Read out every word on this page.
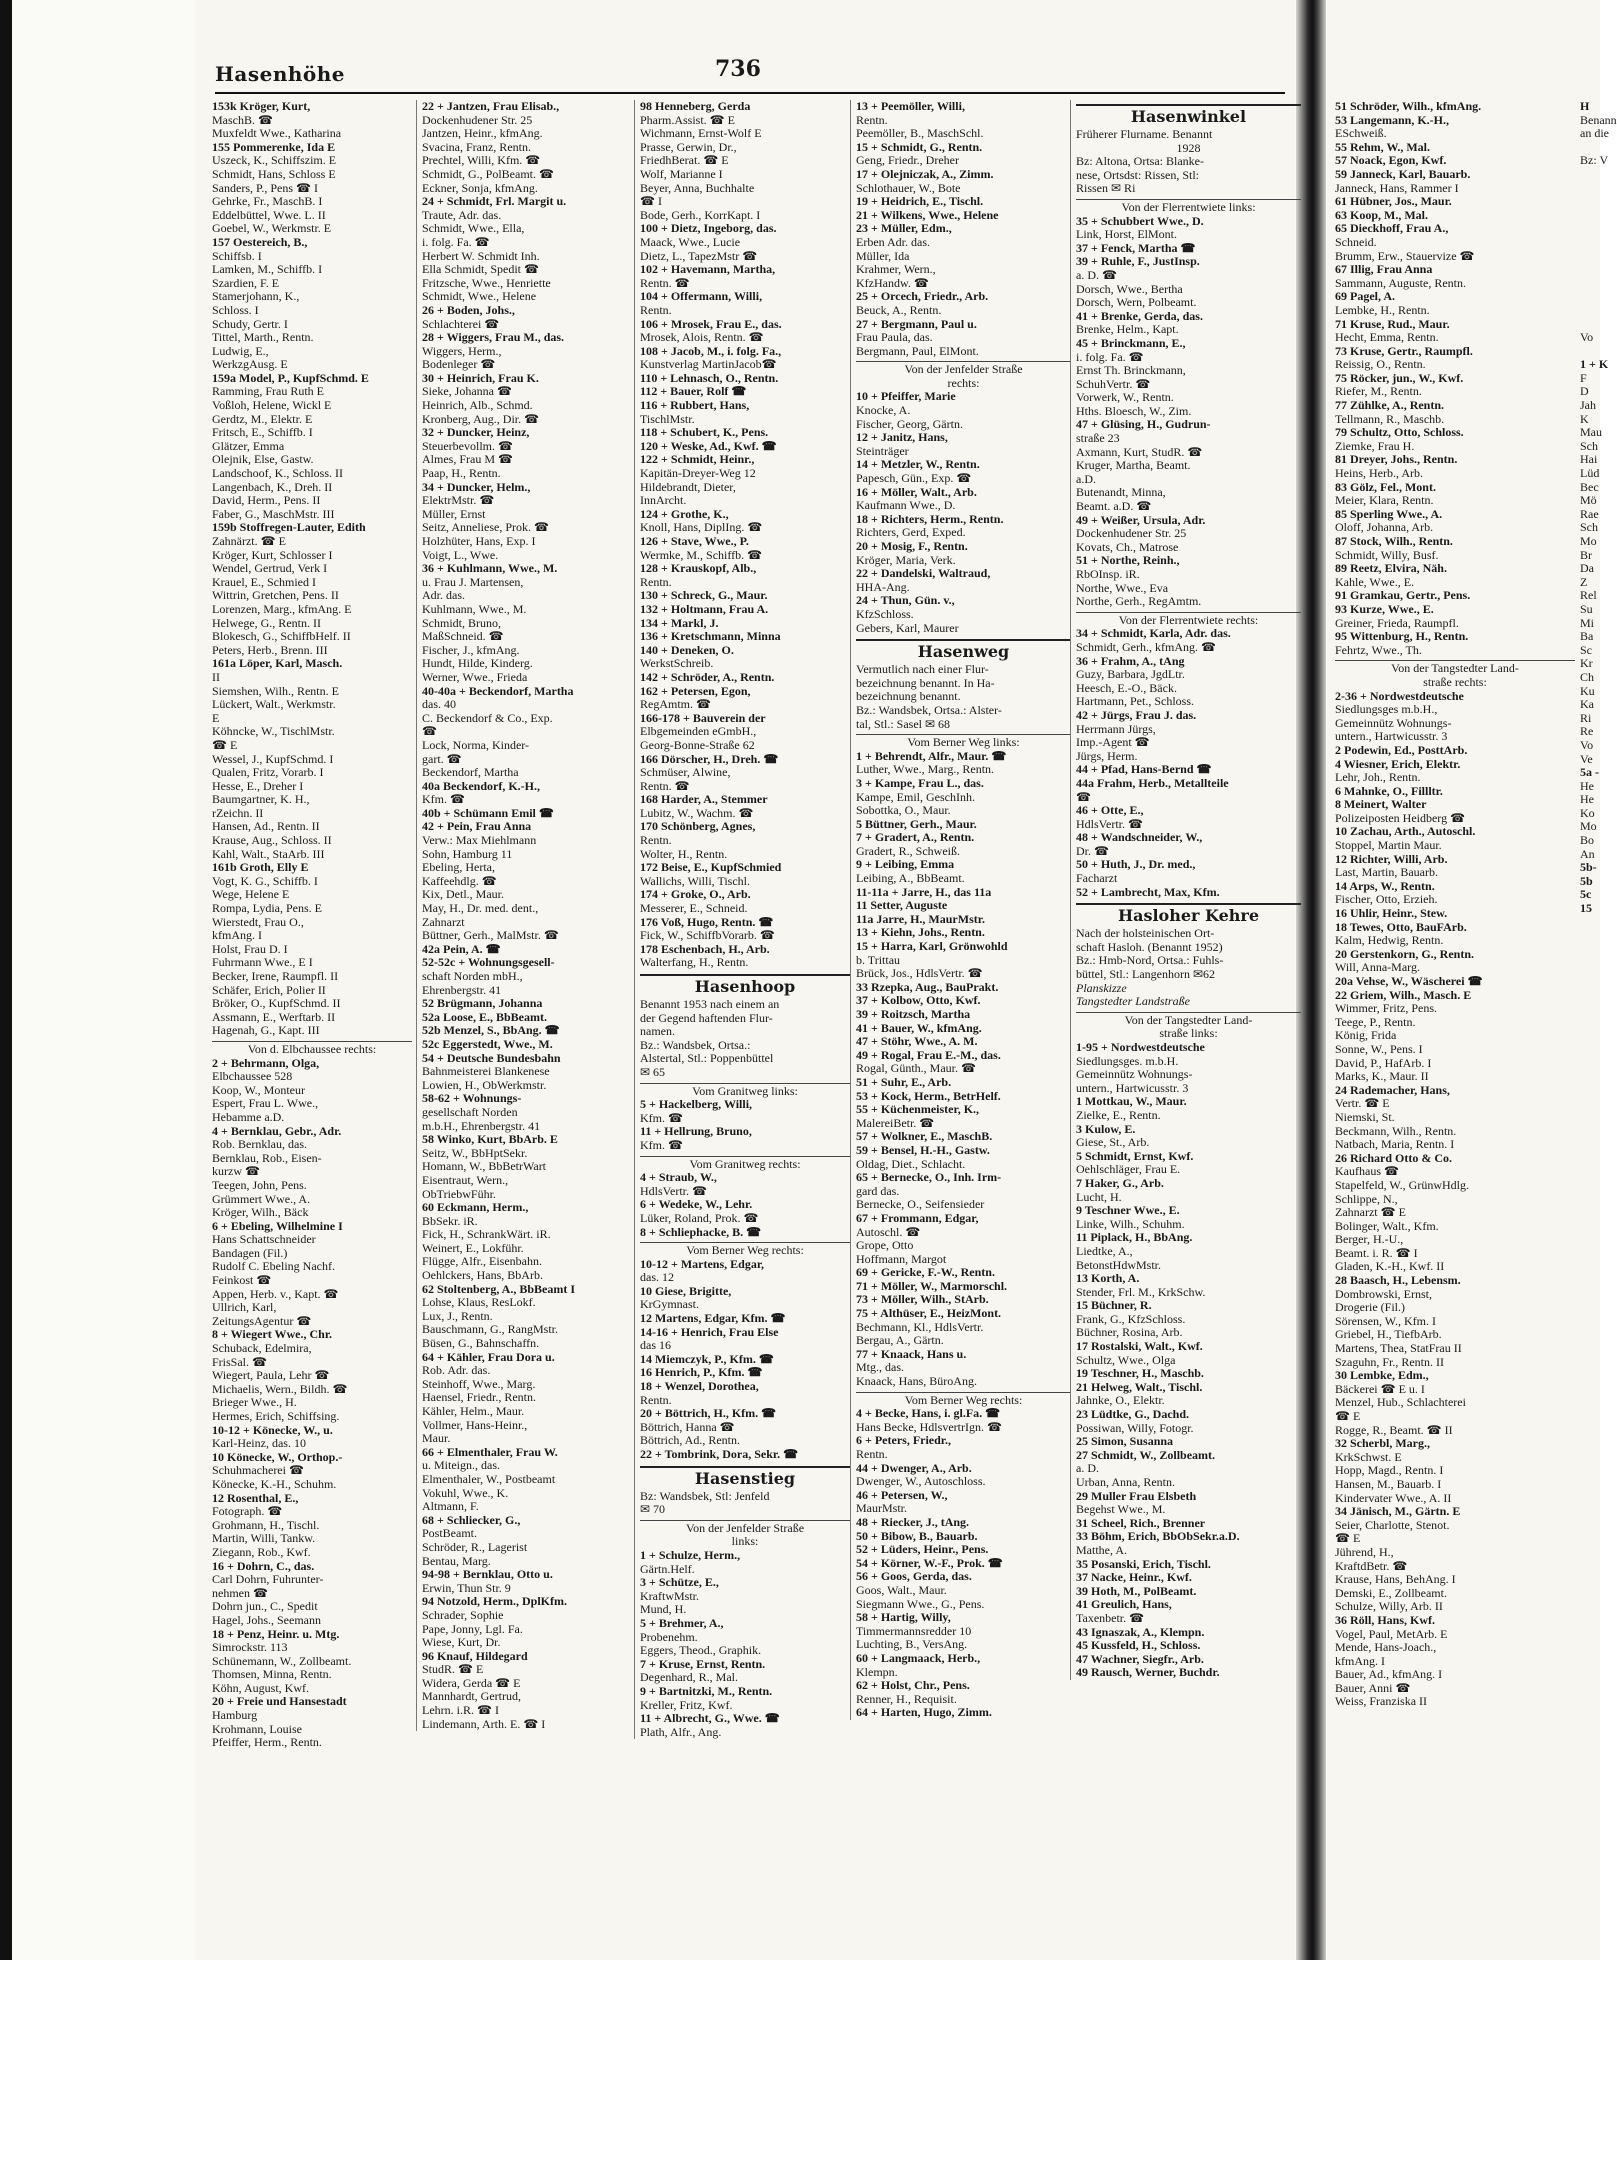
Hasenhöhe	736
153k Kröger, Kurt,
MaschB. ☎
Muxfeldt Wwe., Katharina
155 Pommerenke, Ida E
Uszeck, K., Schiffszim. E
Schmidt, Hans, Schloss E
Sanders, P., Pens ☎ I
Gehrke, Fr., MaschB. I
Eddelbüttel, Wwe. L. II
Goebel, W., Werkmstr. E
157 Oestereich, B.,
Schiffsb. I
Lamken, M., Schiffb. I
Szardien, F. E
Stamerjohann, K.,
Schloss. I
Schudy, Gertr. I
Tittel, Marth., Rentn.
Ludwig, E.,
WerkzgAusg. E
159a Model, P., KupfSchmd. E
Ramming, Frau Ruth E
Voßloh, Helene, Wickl E
Gerdtz, M., Elektr. E
Fritsch, E., Schiffb. I
Glätzer, Emma
Olejnik, Else, Gastw.
Landschoof, K., Schloss. II
Langenbach, K., Dreh. II
David, Herm., Pens. II
Faber, G., MaschMstr. III
159b Stoffregen-Lauter, Edith
Zahnärzt. ☎ E
Kröger, Kurt, Schlosser I
Wendel, Gertrud, Verk I
Krauel, E., Schmied I
Wittrin, Gretchen, Pens. II
Lorenzen, Marg., kfmAng. E
Helwege, G., Rentn. II
Blokesch, G., SchiffbHelf. II
Peters, Herb., Brenn. III
161a Löper, Karl, Masch.
II
Siemshen, Wilh., Rentn. E
Lückert, Walt., Werkmstr.
E
Köhncke, W., TischlMstr.
☎ E
Wessel, J., KupfSchmd. I
Qualen, Fritz, Vorarb. I
Hesse, E., Dreher I
Baumgartner, K. H.,
rZeichn. II
Hansen, Ad., Rentn. II
Krause, Aug., Schloss. II
Kahl, Walt., StaArb. III
161b Groth, Elly E
Vogt, K. G., Schiffb. I
Wege, Helene E
Rompa, Lydia, Pens. E
Wierstedt, Frau O.,
kfmAng. I
Holst, Frau D. I
Fuhrmann Wwe., E I
Becker, Irene, Raumpfl. II
Schäfer, Erich, Polier II
Bröker, O., KupfSchmd. II
Assmann, E., Werftarb. II
Hagenah, G., Kapt. III
Von d. Elbchaussee rechts:
2 + Behrmann, Olga,
Elbchaussee 528
Koop, W., Monteur
Espert, Frau L. Wwe.,
Hebamme a.D.
4 + Bernklau, Gebr., Adr.
Rob. Bernklau, das.
Bernklau, Rob., Eisen-
kurzw ☎
Teegen, John, Pens.
Grümmert Wwe., A.
Kröger, Wilh., Bäck
6 + Ebeling, Wilhelmine I
Hans Schattschneider
Bandagen (Fil.)
Rudolf C. Ebeling Nachf.
Feinkost ☎
Appen, Herb. v., Kapt. ☎
Ullrich, Karl,
ZeitungsAgentur ☎
8 + Wiegert Wwe., Chr.
Schuback, Edelmira,
FrisSal. ☎
Wiegert, Paula, Lehr ☎
Michaelis, Wern., Bildh. ☎
Brieger Wwe., H.
Hermes, Erich, Schiffsing.
10-12 + Könecke, W., u.
Karl-Heinz, das. 10
10 Könecke, W., Orthop.-
Schuhmacherei ☎
Könecke, K.-H., Schuhm.
12 Rosenthal, E.,
Fotograph. ☎
Grohmann, H., Tischl.
Martin, Willi, Tankw.
Ziegann, Rob., Kwf.
16 + Dohrn, C., das.
Carl Dohrn, Fuhrunter-
nehmen ☎
Dohrn jun., C., Spedit
Hagel, Johs., Seemann
18 + Penz, Heinr. u. Mtg.
Simrockstr. 113
Schünemann, W., Zollbeamt.
Thomsen, Minna, Rentn.
Köhn, August, Kwf.
20 + Freie und Hansestadt
Hamburg
Krohmann, Louise
Pfeiffer, Herm., Rentn.
22 + Jantzen, Frau Elisab.,
Dockenhudener Str. 25
Jantzen, Heinr., kfmAng.
Svacina, Franz, Rentn.
Prechtel, Willi, Kfm. ☎
Schmidt, G., PolBeamt. ☎
Eckner, Sonja, kfmAng.
24 + Schmidt, Frl. Margit u.
Traute, Adr. das.
Schmidt, Wwe., Ella,
i. folg. Fa. ☎
Herbert W. Schmidt Inh.
Ella Schmidt, Spedit ☎
Fritzsche, Wwe., Henriette
Schmidt, Wwe., Helene
26 + Boden, Johs.,
Schlachterei ☎
28 + Wiggers, Frau M., das.
Wiggers, Herm.,
Bodenleger ☎
30 + Heinrich, Frau K.
Sieke, Johanna ☎
Heinrich, Alb., Schmd.
Kronberg, Aug., Dir. ☎
32 + Duncker, Heinz,
Steuerbevollm. ☎
Almes, Frau M ☎
Paap, H., Rentn.
34 + Duncker, Helm.,
ElektrMstr. ☎
Müller, Ernst
Seitz, Anneliese, Prok. ☎
Holzhüter, Hans, Exp. I
Voigt, L., Wwe.
36 + Kuhlmann, Wwe., M.
u. Frau J. Martensen,
Adr. das.
Kuhlmann, Wwe., M.
Schmidt, Bruno,
MaßSchneid. ☎
Fischer, J., kfmAng.
Hundt, Hilde, Kinderg.
Werner, Wwe., Frieda
40-40a + Beckendorf, Martha
das. 40
C. Beckendorf & Co., Exp.
☎
Lock, Norma, Kinder-
gart. ☎
Beckendorf, Martha
40a Beckendorf, K.-H.,
Kfm. ☎
40b + Schümann Emil ☎
42 + Pein, Frau Anna
Verw.: Max Miehlmann
Sohn, Hamburg 11
Ebeling, Herta,
Kaffeehdlg. ☎
Kix, Detl., Maur.
May, H., Dr. med. dent.,
Zahnarzt
Büttner, Gerh., MalMstr. ☎
42a Pein, A. ☎
52-52c + Wohnungsgesell-
schaft Norden mbH.,
Ehrenbergstr. 41
52 Brügmann, Johanna
52a Loose, E., BbBeamt.
52b Menzel, S., BbAng. ☎
52c Eggerstedt, Wwe., M.
54 + Deutsche Bundesbahn
Bahnmeisterei Blankenese
Lowien, H., ObWerkmstr.
58-62 + Wohnungs-
gesellschaft Norden
m.b.H., Ehrenbergstr. 41
58 Winko, Kurt, BbArb. E
Seitz, W., BbHptSekr.
Homann, W., BbBetrWart
Eisentraut, Wern.,
ObTriebwFühr.
60 Eckmann, Herm.,
BbSekr. iR.
Fick, H., SchrankWärt. iR.
Weinert, E., Lokführ.
Flügge, Alfr., Eisenbahn.
Oehlckers, Hans, BbArb.
62 Stoltenberg, A., BbBeamt I
Lohse, Klaus, ResLokf.
Lux, J., Rentn.
Bauschmann, G., RangMstr.
Büsen, G., Bahnschaffn.
64 + Kähler, Frau Dora u.
Rob. Adr. das.
Steinhoff, Wwe., Marg.
Haensel, Friedr., Rentn.
Kähler, Helm., Maur.
Vollmer, Hans-Heinr.,
Maur.
66 + Elmenthaler, Frau W.
u. Miteign., das.
Elmenthaler, W., Postbeamt
Vokuhl, Wwe., K.
Altmann, F.
68 + Schliecker, G.,
PostBeamt.
Schröder, R., Lagerist
Bentau, Marg.
94-98 + Bernklau, Otto u.
Erwin, Thun Str. 9
94 Notzold, Herm., DplKfm.
Schrader, Sophie
Pape, Jonny, Lgl. Fa.
Wiese, Kurt, Dr.
96 Knauf, Hildegard
StudR. ☎ E
Widera, Gerda ☎ E
Mannhardt, Gertrud,
Lehrn. i.R. ☎ I
Lindemann, Arth. E. ☎ I
98 Henneberg, Gerda
Pharm.Assist. ☎ E
Wichmann, Ernst-Wolf E
Prasse, Gerwin, Dr.,
FriedhBerat. ☎ E
Wolf, Marianne I
Beyer, Anna, Buchhalte
☎ I
Bode, Gerh., KorrKapt. I
100 + Dietz, Ingeborg, das.
Maack, Wwe., Lucie
Dietz, L., TapezMstr ☎
102 + Havemann, Martha,
Rentn. ☎
104 + Offermann, Willi,
Rentn.
106 + Mrosek, Frau E., das.
Mrosek, Alois, Rentn. ☎
108 + Jacob, M., i. folg. Fa.,
Kunstverlag MartinJacob☎
110 + Lehnasch, O., Rentn.
112 + Bauer, Rolf ☎
116 + Rubbert, Hans,
TischlMstr.
118 + Schubert, K., Pens.
120 + Weske, Ad., Kwf. ☎
122 + Schmidt, Heinr.,
Kapitän-Dreyer-Weg 12
Hildebrandt, Dieter,
InnArcht.
124 + Grothe, K.,
Knoll, Hans, DiplIng. ☎
126 + Stave, Wwe., P.
Wermke, M., Schiffb. ☎
128 + Krauskopf, Alb.,
Rentn.
130 + Schreck, G., Maur.
132 + Holtmann, Frau A.
134 + Markl, J.
136 + Kretschmann, Minna
140 + Deneken, O.
WerkstSchreib.
142 + Schröder, A., Rentn.
162 + Petersen, Egon,
RegAmtm. ☎
166-178 + Bauverein der
Elbgemeinden eGmbH.,
Georg-Bonne-Straße 62
166 Dörscher, H., Dreh. ☎
Schmüser, Alwine,
Rentn. ☎
168 Harder, A., Stemmer
Lubitz, W., Wachm. ☎
170 Schönberg, Agnes,
Rentn.
Wolter, H., Rentn.
172 Beise, E., KupfSchmied
Wallichs, Willi, Tischl.
174 + Groke, O., Arb.
Messerer, E., Schneid.
176 Voß, Hugo, Rentn. ☎
Fick, W., SchiffbVorarb. ☎
178 Eschenbach, H., Arb.
Walterfang, H., Rentn.
Hasenhoop
Benannt 1953 nach einem an
der Gegend haftenden Flur-
namen.
Bz.: Wandsbek, Ortsa.:
Alstertal, Stl.: Poppenbüttel
✉ 65
Vom Granitweg links:
5 + Hackelberg, Willi,
Kfm. ☎
11 + Hellrung, Bruno,
Kfm. ☎
Vom Granitweg rechts:
4 + Straub, W.,
HdlsVertr. ☎
6 + Wedeke, W., Lehr.
Lüker, Roland, Prok. ☎
8 + Schliephacke, B. ☎
Vom Berner Weg rechts:
10-12 + Martens, Edgar,
das. 12
10 Giese, Brigitte,
KrGymnast.
12 Martens, Edgar, Kfm. ☎
14-16 + Henrich, Frau Else
das 16
14 Miemczyk, P., Kfm. ☎
16 Henrich, P., Kfm. ☎
18 + Wenzel, Dorothea,
Rentn.
20 + Böttrich, H., Kfm. ☎
Böttrich, Hanna ☎
Böttrich, Ad., Rentn.
22 + Tombrink, Dora, Sekr. ☎
Hasenstieg
Bz: Wandsbek, Stl: Jenfeld
✉ 70
Von der Jenfelder Straße
links:
1 + Schulze, Herm.,
Gärtn.Helf.
3 + Schütze, E.,
KraftwMstr.
Mund, H.
5 + Brehmer, A.,
Probenehm.
Eggers, Theod., Graphik.
7 + Kruse, Ernst, Rentn.
Degenhard, R., Mal.
9 + Bartnitzki, M., Rentn.
Kreller, Fritz, Kwf.
11 + Albrecht, G., Wwe. ☎
Plath, Alfr., Ang.
13 + Peemöller, Willi,
Rentn.
Peemöller, B., MaschSchl.
15 + Schmidt, G., Rentn.
Geng, Friedr., Dreher
17 + Olejniczak, A., Zimm.
Schlothauer, W., Bote
19 + Heidrich, E., Tischl.
21 + Wilkens, Wwe., Helene
23 + Müller, Edm.,
Erben Adr. das.
Müller, Ida
Krahmer, Wern.,
KfzHandw. ☎
25 + Orcech, Friedr., Arb.
Beuck, A., Rentn.
27 + Bergmann, Paul u.
Frau Paula, das.
Bergmann, Paul, ElMont.
Von der Jenfelder Straße
rechts:
10 + Pfeiffer, Marie
Knocke, A.
Fischer, Georg, Gärtn.
12 + Janitz, Hans,
Steinträger
14 + Metzler, W., Rentn.
Papesch, Gün., Exp. ☎
16 + Möller, Walt., Arb.
Kaufmann Wwe., D.
18 + Richters, Herm., Rentn.
Richters, Gerd, Exped.
20 + Mosig, F., Rentn.
Kröger, Maria, Verk.
22 + Dandelski, Waltraud,
HHA-Ang.
24 + Thun, Gün. v.,
KfzSchloss.
Gebers, Karl, Maurer
Hasenweg
Vermutlich nach einer Flur-
bezeichnung benannt. In Ha-
bezeichnung benannt.
Bz.: Wandsbek, Ortsa.: Alster-
tal, Stl.: Sasel ✉ 68
Vom Berner Weg links:
1 + Behrendt, Alfr., Maur. ☎
Luther, Wwe., Marg., Rentn.
3 + Kampe, Frau L., das.
Kampe, Emil, GeschInh.
Sobottka, O., Maur.
5 Büttner, Gerh., Maur.
7 + Gradert, A., Rentn.
Gradert, R., Schweiß.
9 + Leibing, Emma
Leibing, A., BbBeamt.
11-11a + Jarre, H., das 11a
11 Setter, Auguste
11a Jarre, H., MaurMstr.
13 + Kiehn, Johs., Rentn.
15 + Harra, Karl, Grönwohld
b. Trittau
Brück, Jos., HdlsVertr. ☎
33 Rzepka, Aug., BauPrakt.
37 + Kolbow, Otto, Kwf.
39 + Roitzsch, Martha
41 + Bauer, W., kfmAng.
47 + Stöhr, Wwe., A. M.
49 + Rogal, Frau E.-M., das.
Rogal, Günth., Maur. ☎
51 + Suhr, E., Arb.
53 + Kock, Herm., BetrHelf.
55 + Küchenmeister, K.,
MalereiBetr. ☎
57 + Wolkner, E., MaschB.
59 + Bensel, H.-H., Gastw.
Oldag, Diet., Schlacht.
65 + Bernecke, O., Inh. Irm-
gard das.
Bernecke, O., Seifensieder
67 + Frommann, Edgar,
Autoschl. ☎
Grope, Otto
Hoffmann, Margot
69 + Gericke, F.-W., Rentn.
71 + Möller, W., Marmorschl.
73 + Möller, Wilh., StArb.
75 + Althüser, E., HeizMont.
Bechmann, Kl., HdlsVertr.
Bergau, A., Gärtn.
77 + Knaack, Hans u.
Mtg., das.
Knaack, Hans, BüroAng.
Vom Berner Weg rechts:
4 + Becke, Hans, i. gl.Fa. ☎
Hans Becke, HdlsvertrIgn. ☎
6 + Peters, Friedr.,
Rentn.
44 + Dwenger, A., Arb.
Dwenger, W., Autoschloss.
46 + Petersen, W.,
MaurMstr.
48 + Riecker, J., tAng.
50 + Bibow, B., Bauarb.
52 + Lüders, Heinr., Pens.
54 + Körner, W.-F., Prok. ☎
56 + Goos, Gerda, das.
Goos, Walt., Maur.
Siegmann Wwe., G., Pens.
58 + Hartig, Willy,
Timmermannsredder 10
Luchting, B., VersAng.
60 + Langmaack, Herb.,
Klempn.
62 + Holst, Chr., Pens.
Renner, H., Requisit.
64 + Harten, Hugo, Zimm.
Hasenwinkel
Früherer Flurname. Benannt
1928
Bz: Altona, Ortsa: Blanke-
nese, Ortsdst: Rissen, Stl:
Rissen ✉ Ri
Von der Flerrentwiete links:
35 + Schubbert Wwe., D.
Link, Horst, ElMont.
37 + Fenck, Martha ☎
39 + Ruhle, F., JustInsp.
a. D. ☎
Dorsch, Wwe., Bertha
Dorsch, Wern, Polbeamt.
41 + Brenke, Gerda, das.
Brenke, Helm., Kapt.
45 + Brinckmann, E.,
i. folg. Fa. ☎
Ernst Th. Brinckmann,
SchuhVertr. ☎
Vorwerk, W., Rentn.
Hths. Bloesch, W., Zim.
47 + Glüsing, H., Gudrun-
straße 23
Axmann, Kurt, StudR. ☎
Kruger, Martha, Beamt.
a.D.
Butenandt, Minna,
Beamt. a.D. ☎
49 + Weißer, Ursula, Adr.
Dockenhudener Str. 25
Kovats, Ch., Matrose
51 + Northe, Reinh.,
RbOInsp. iR.
Northe, Wwe., Eva
Northe, Gerh., RegAmtm.
Von der Flerrentwiete rechts:
34 + Schmidt, Karla, Adr. das.
Schmidt, Gerh., kfmAng. ☎
36 + Frahm, A., tAng
Guzy, Barbara, JgdLtr.
Heesch, E.-O., Bäck.
Hartmann, Pet., Schloss.
42 + Jürgs, Frau J. das.
Herrmann Jürgs,
Imp.-Agent ☎
Jürgs, Herm.
44 + Pfad, Hans-Bernd ☎
44a Frahm, Herb., Metallteile
☎
46 + Otte, E.,
HdlsVertr. ☎
48 + Wandschneider, W.,
Dr. ☎
50 + Huth, J., Dr. med.,
Facharzt
52 + Lambrecht, Max, Kfm.
Hasloher Kehre
Nach der holsteinischen Ort-
schaft Hasloh. (Benannt 1952)
Bz.: Hmb-Nord, Ortsa.: Fuhls-
büttel, Stl.: Langenhorn ✉62
Planskizze
Tangstedter Landstraße
Von der Tangstedter Land-
straße links:
1-95 + Nordwestdeutsche
Siedlungsges. m.b.H.
Gemeinnütz Wohnungs-
untern., Hartwicusstr. 3
1 Mottkau, W., Maur.
Zielke, E., Rentn.
3 Kulow, E.
Giese, St., Arb.
5 Schmidt, Ernst, Kwf.
Oehlschläger, Frau E.
7 Haker, G., Arb.
Lucht, H.
9 Teschner Wwe., E.
Linke, Wilh., Schuhm.
11 Piplack, H., BbAng.
Liedtke, A.,
BetonstHdwMstr.
13 Korth, A.
Stender, Frl. M., KrkSchw.
15 Büchner, R.
Frank, G., KfzSchloss.
Büchner, Rosina, Arb.
17 Rostalski, Walt., Kwf.
Schultz, Wwe., Olga
19 Teschner, H., Maschb.
21 Helweg, Walt., Tischl.
Jahnke, O., Elektr.
23 Lüdtke, G., Dachd.
Possiwan, Willy, Fotogr.
25 Simon, Susanna
27 Schmidt, W., Zollbeamt.
a. D.
Urban, Anna, Rentn.
29 Muller Frau Elsbeth
Begehst Wwe., M.
31 Scheel, Rich., Brenner
33 Böhm, Erich, BbObSekr.a.D.
Matthe, A.
35 Posanski, Erich, Tischl.
37 Nacke, Heinr., Kwf.
39 Hoth, M., PolBeamt.
41 Greulich, Hans,
Taxenbetr. ☎
43 Ignaszak, A., Klempn.
45 Kussfeld, H., Schloss.
47 Wachner, Siegfr., Arb.
49 Rausch, Werner, Buchdr.
51 Schröder, Wilh., kfmAng.
53 Langemann, K.-H.,
ESchweiß.
55 Rehm, W., Mal.
57 Noack, Egon, Kwf.
59 Janneck, Karl, Bauarb.
Janneck, Hans, Rammer I
61 Hübner, Jos., Maur.
63 Koop, M., Mal.
65 Dieckhoff, Frau A.,
Schneid.
Brumm, Erw., Stauervize ☎
67 Illig, Frau Anna
Sammann, Auguste, Rentn.
69 Pagel, A.
Lembke, H., Rentn.
71 Kruse, Rud., Maur.
Hecht, Emma, Rentn.
73 Kruse, Gertr., Raumpfl.
Reissig, O., Rentn.
75 Röcker, jun., W., Kwf.
Riefer, M., Rentn.
77 Zühlke, A., Rentn.
Tellmann, R., Maschb.
79 Schultz, Otto, Schloss.
Ziemke, Frau H.
81 Dreyer, Johs., Rentn.
Heins, Herb., Arb.
83 Gölz, Fel., Mont.
Meier, Klara, Rentn.
85 Sperling Wwe., A.
Oloff, Johanna, Arb.
87 Stock, Wilh., Rentn.
Schmidt, Willy, Busf.
89 Reetz, Elvira, Näh.
Kahle, Wwe., E.
91 Gramkau, Gertr., Pens.
93 Kurze, Wwe., E.
Greiner, Frieda, Raumpfl.
95 Wittenburg, H., Rentn.
Fehrtz, Wwe., Th.
Von der Tangstedter Land-
straße rechts:
2-36 + Nordwestdeutsche
Siedlungsges m.b.H.,
Gemeinnütz Wohnungs-
untern., Hartwicusstr. 3
2 Podewin, Ed., PosttArb.
4 Wiesner, Erich, Elektr.
Lehr, Joh., Rentn.
6 Mahnke, O., Fillltr.
8 Meinert, Walter
Polizeiposten Heidberg ☎
10 Zachau, Arth., Autoschl.
Stoppel, Martin Maur.
12 Richter, Willi, Arb.
Last, Martin, Bauarb.
14 Arps, W., Rentn.
Fischer, Otto, Erzieh.
16 Uhlir, Heinr., Stew.
18 Tewes, Otto, BauFArb.
Kalm, Hedwig, Rentn.
20 Gerstenkorn, G., Rentn.
Will, Anna-Marg.
20a Vehse, W., Wäscherei ☎
22 Griem, Wilh., Masch. E
Wimmer, Fritz, Pens.
Teege, P., Rentn.
König, Frida
Sonne, W., Pens. I
David, P., HafArb. I
Marks, K., Maur. II
24 Rademacher, Hans,
Vertr. ☎ E
Niemski, St.
Beckmann, Wilh., Rentn.
Natbach, Maria, Rentn. I
26 Richard Otto & Co.
Kaufhaus ☎
Stapelfeld, W., GrünwHdlg.
Schlippe, N.,
Zahnarzt ☎ E
Bolinger, Walt., Kfm.
Berger, H.-U.,
Beamt. i. R. ☎ I
Gladen, K.-H., Kwf. II
28 Baasch, H., Lebensm.
Dombrowski, Ernst,
Drogerie (Fil.)
Sörensen, W., Kfm. I
Griebel, H., TiefbArb.
Martens, Thea, StatFrau II
Szaguhn, Fr., Rentn. II
30 Lembke, Edm.,
Bäckerei ☎ E u. I
Menzel, Hub., Schlachterei
☎ E
Rogge, R., Beamt. ☎ II
32 Scherbl, Marg.,
KrkSchwst. E
Hopp, Magd., Rentn. I
Hansen, M., Bauarb. I
Kindervater Wwe., A. II
34 Jänisch, M., Gärtn. E
Seier, Charlotte, Stenot.
☎ E
Jührend, H.,
KraftdBetr. ☎
Krause, Hans, BehAng. I
Demski, E., Zollbeamt.
Schulze, Willy, Arb. II
36 Röll, Hans, Kwf.
Vogel, Paul, MetArb. E
Mende, Hans-Joach.,
kfmAng. I
Bauer, Ad., kfmAng. I
Bauer, Anni ☎
Weiss, Franziska II
H
Benann
an die
Bz: V
Vo
1 + K
F
D
Jah
K
Mau
Sch
Hai
Lüd
Bec
Mö
Rae
Sch
Mo
Br
Da
Z
Rel
Su
Mi
Ba
Sc
Kr
Ch
Ku
Ka
Ri
Re
Vo
Ve
5a -
He
He
Ko
Mo
Bo
An
5b-
5b
5c
15
